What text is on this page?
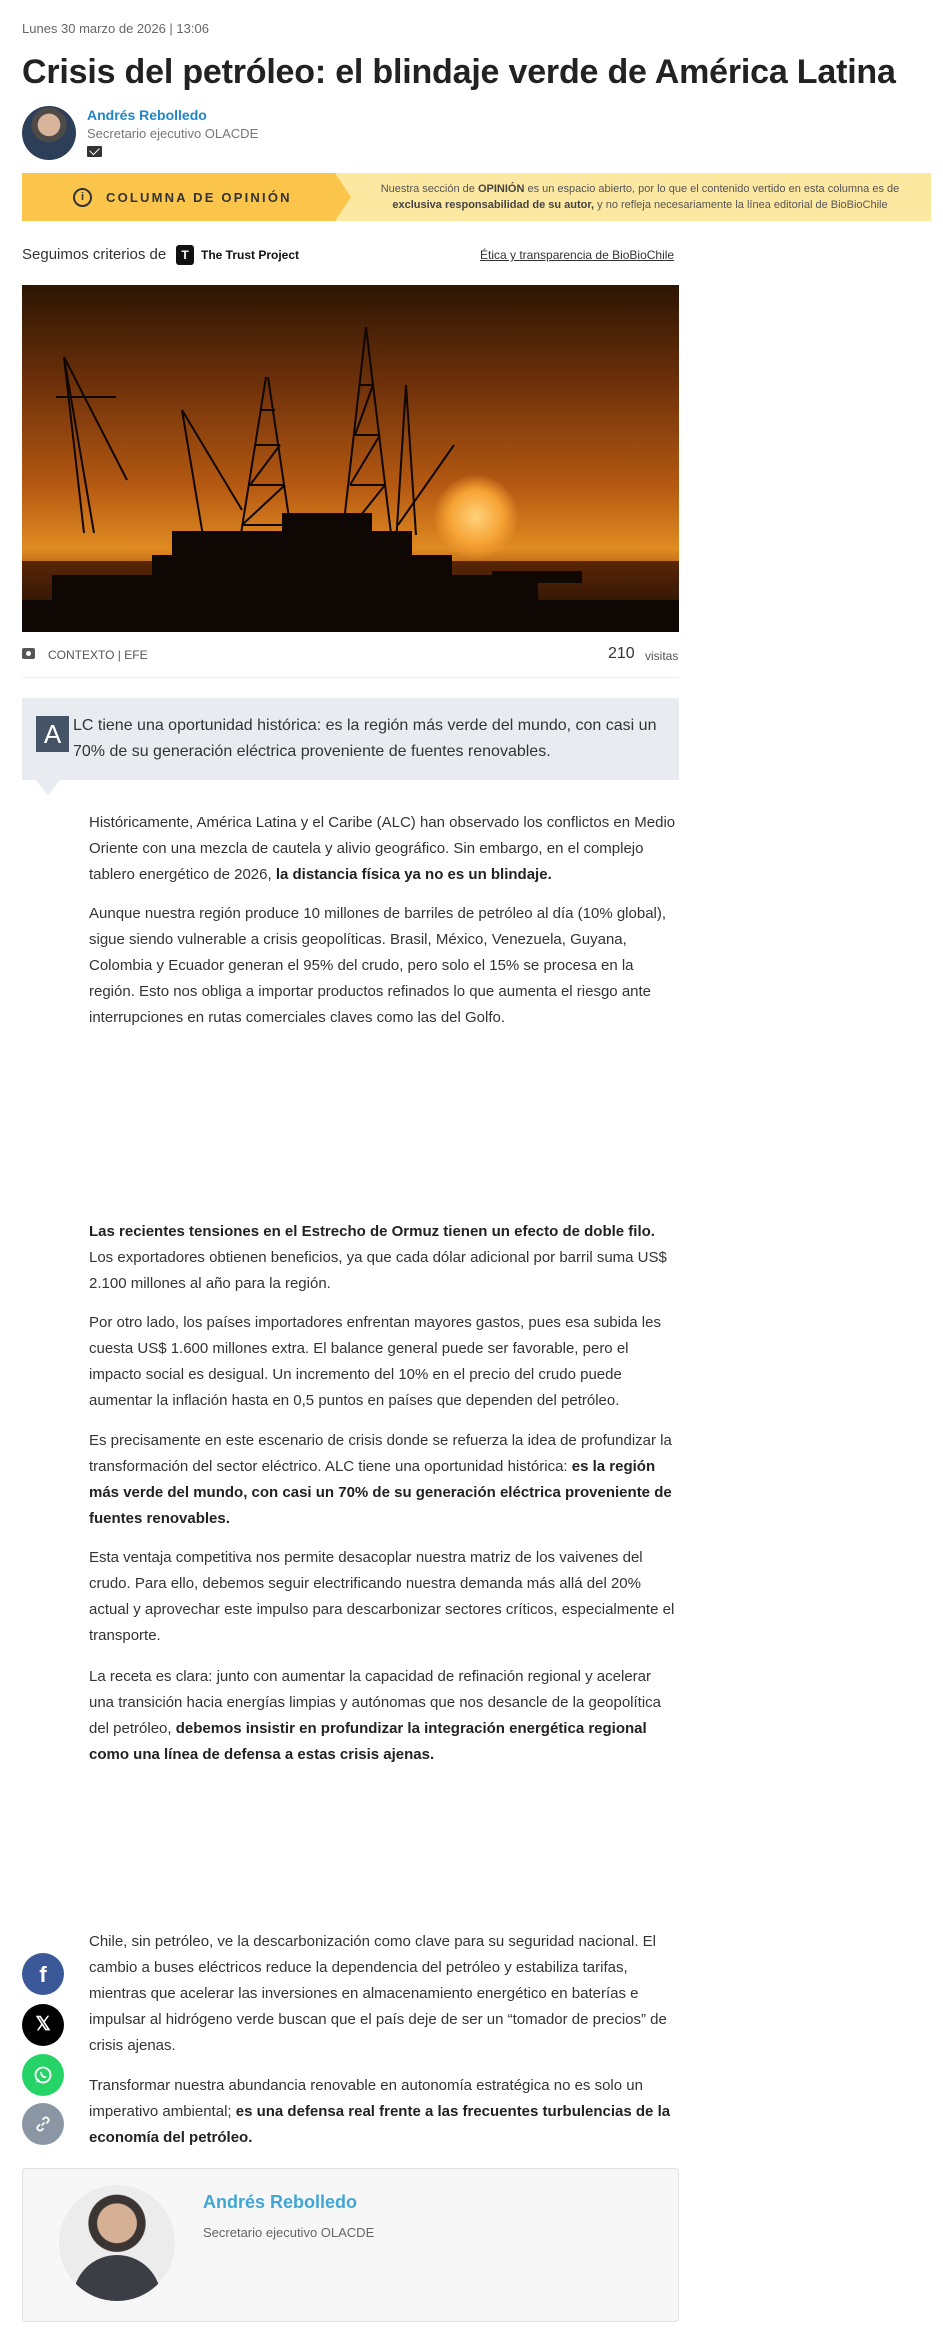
Lunes 30 marzo de 2026 | 13:06
Crisis del petróleo: el blindaje verde de América Latina
Andrés Rebolledo
Secretario ejecutivo OLACDE
i	COLUMNA DE OPINIÓN
Nuestra sección de OPINIÓN es un espacio abierto, por lo que el contenido vertido en esta columna es de exclusiva responsabilidad de su autor, y no refleja necesariamente la línea editorial de BioBioChile
Seguimos criterios de	T	The Trust Project	Ética y transparencia de BioBioChile
CONTEXTO | EFE	210 visitas
A LC tiene una oportunidad histórica: es la región más verde del mundo, con casi un 70% de su generación eléctrica proveniente de fuentes renovables.

Históricamente, América Latina y el Caribe (ALC) han observado los conflictos en Medio Oriente con una mezcla de cautela y alivio geográfico. Sin embargo, en el complejo tablero energético de 2026, la distancia física ya no es un blindaje.

Aunque nuestra región produce 10 millones de barriles de petróleo al día (10% global), sigue siendo vulnerable a crisis geopolíticas. Brasil, México, Venezuela, Guyana, Colombia y Ecuador generan el 95% del crudo, pero solo el 15% se procesa en la región. Esto nos obliga a importar productos refinados lo que aumenta el riesgo ante interrupciones en rutas comerciales claves como las del Golfo.

Las recientes tensiones en el Estrecho de Ormuz tienen un efecto de doble filo. Los exportadores obtienen beneficios, ya que cada dólar adicional por barril suma US$ 2.100 millones al año para la región.

Por otro lado, los países importadores enfrentan mayores gastos, pues esa subida les cuesta US$ 1.600 millones extra. El balance general puede ser favorable, pero el impacto social es desigual. Un incremento del 10% en el precio del crudo puede aumentar la inflación hasta en 0,5 puntos en países que dependen del petróleo.

Es precisamente en este escenario de crisis donde se refuerza la idea de profundizar la transformación del sector eléctrico. ALC tiene una oportunidad histórica: es la región más verde del mundo, con casi un 70% de su generación eléctrica proveniente de fuentes renovables.

Esta ventaja competitiva nos permite desacoplar nuestra matriz de los vaivenes del crudo. Para ello, debemos seguir electrificando nuestra demanda más allá del 20% actual y aprovechar este impulso para descarbonizar sectores críticos, especialmente el transporte.

La receta es clara: junto con aumentar la capacidad de refinación regional y acelerar una transición hacia energías limpias y autónomas que nos desancle de la geopolítica del petróleo, debemos insistir en profundizar la integración energética regional como una línea de defensa a estas crisis ajenas.

Chile, sin petróleo, ve la descarbonización como clave para su seguridad nacional. El cambio a buses eléctricos reduce la dependencia del petróleo y estabiliza tarifas, mientras que acelerar las inversiones en almacenamiento energético en baterías e impulsar al hidrógeno verde buscan que el país deje de ser un “tomador de precios” de crisis ajenas.

Transformar nuestra abundancia renovable en autonomía estratégica no es solo un imperativo ambiental; es una defensa real frente a las frecuentes turbulencias de la economía del petróleo.

f
𝕏
Andrés Rebolledo
Secretario ejecutivo OLACDE
